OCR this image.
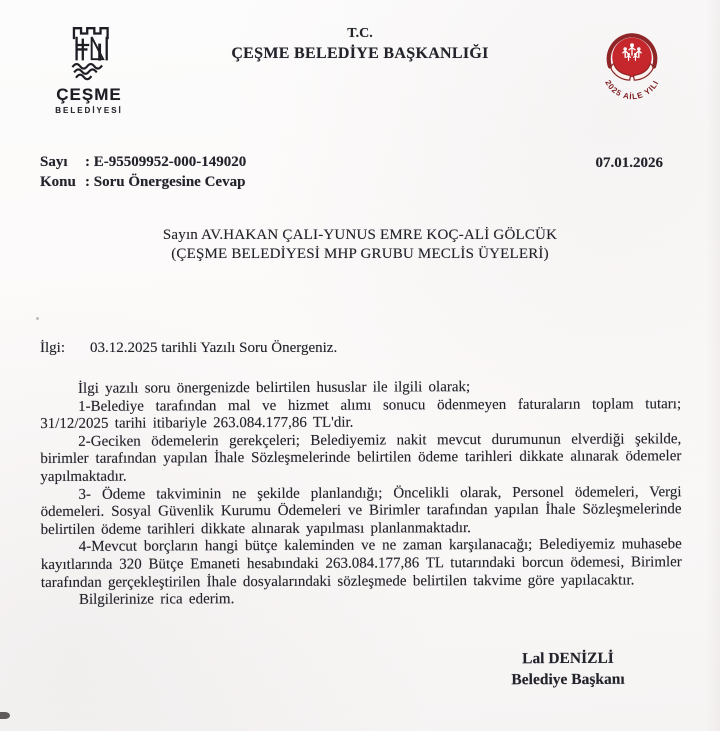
ÇEŞME
BELEDİYESİ
T.C.
ÇEŞME BELEDİYE BAŞKANLIĞI
2025 AİLE YILI
Sayı	: E-95509952-000-149020
Konu : Soru Önergesine Cevap
07.01.2026
Sayın AV.HAKAN ÇALI-YUNUS EMRE KOÇ-ALİ GÖLCÜK
(ÇEŞME BELEDİYESİ MHP GRUBU MECLİS ÜYELERİ)
İlgi:	03.12.2025 tarihli Yazılı Soru Önergeniz.

İlgi yazılı soru önergenizde belirtilen hususlar ile ilgili olarak;

1-Belediye tarafından mal ve hizmet alımı sonucu ödenmeyen faturaların toplam tutarı; 31/12/2025 tarihi itibariyle 263.084.177,86 TL'dir.

2-Geciken ödemelerin gerekçeleri; Belediyemiz nakit mevcut durumunun elverdiği şekilde, birimler tarafından yapılan İhale Sözleşmelerinde belirtilen ödeme tarihleri dikkate alınarak ödemeler yapılmaktadır.

3- Ödeme takviminin ne şekilde planlandığı; Öncelikli olarak, Personel ödemeleri, Vergi ödemeleri. Sosyal Güvenlik Kurumu Ödemeleri ve Birimler tarafından yapılan İhale Sözleşmelerinde belirtilen ödeme tarihleri dikkate alınarak yapılması planlanmaktadır.

4-Mevcut borçların hangi bütçe kaleminden ve ne zaman karşılanacağı; Belediyemiz muhasebe kayıtlarında 320 Bütçe Emaneti hesabındaki 263.084.177,86 TL tutarındaki borcun ödemesi, Birimler tarafından gerçekleştirilen İhale dosyalarındaki sözleşmede belirtilen takvime göre yapılacaktır.

Bilgilerinize rica ederim.

Lal DENİZLİ
Belediye Başkanı
